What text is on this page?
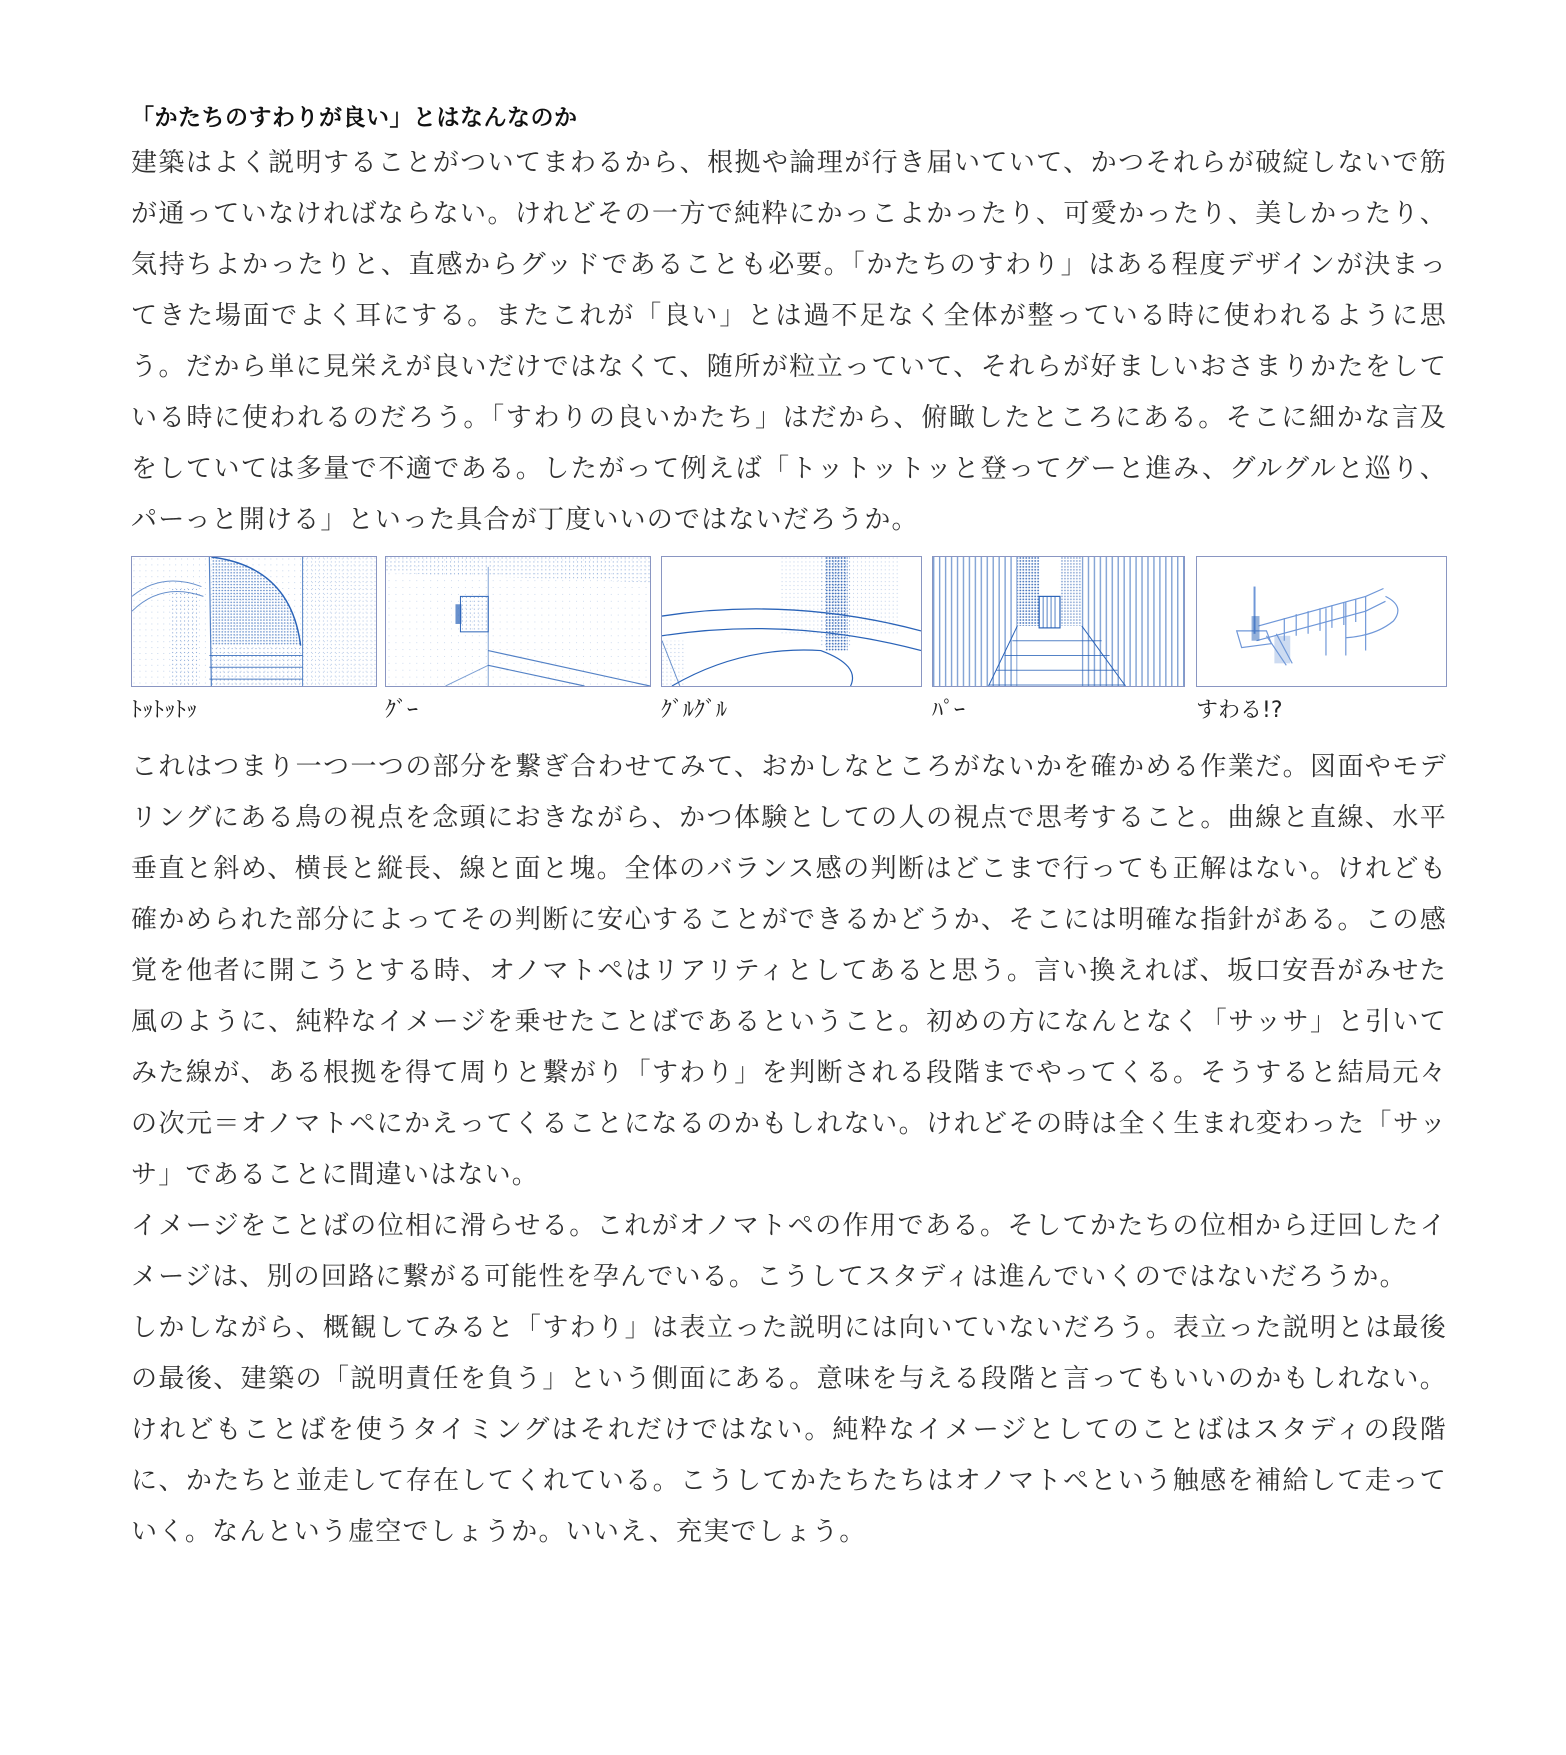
「かたちのすわりが良い」とはなんなのか

建築はよく説明することがついてまわるから、根拠や論理が行き届いていて、かつそれらが破綻しないで筋が通っていなければならない。けれどその一方で純粋にかっこよかったり、可愛かったり、美しかったり、気持ちよかったりと、直感からグッドであることも必要。「かたちのすわり」はある程度デザインが決まってきた場面でよく耳にする。またこれが「良い」とは過不足なく全体が整っている時に使われるように思う。だから単に見栄えが良いだけではなくて、随所が粒立っていて、それらが好ましいおさまりかたをしている時に使われるのだろう。「すわりの良いかたち」はだから、俯瞰したところにある。そこに細かな言及をしていては多量で不適である。したがって例えば「トットットッと登ってグーと進み、グルグルと巡り、パーっと開ける」といった具合が丁度いいのではないだろうか。

ﾄｯﾄｯﾄｯ	ｸﾞｰ	ｸﾞﾙｸﾞﾙ	ﾊﾟｰ	すわる!?

これはつまり一つ一つの部分を繋ぎ合わせてみて、おかしなところがないかを確かめる作業だ。図面やモデリングにある鳥の視点を念頭におきながら、かつ体験としての人の視点で思考すること。曲線と直線、水平垂直と斜め、横長と縦長、線と面と塊。全体のバランス感の判断はどこまで行っても正解はない。けれども確かめられた部分によってその判断に安心することができるかどうか、そこには明確な指針がある。この感覚を他者に開こうとする時、オノマトペはリアリティとしてあると思う。言い換えれば、坂口安吾がみせた風のように、純粋なイメージを乗せたことばであるということ。初めの方になんとなく「サッサ」と引いてみた線が、ある根拠を得て周りと繋がり「すわり」を判断される段階までやってくる。そうすると結局元々の次元＝オノマトペにかえってくることになるのかもしれない。けれどその時は全く生まれ変わった「サッサ」であることに間違いはない。

イメージをことばの位相に滑らせる。これがオノマトペの作用である。そしてかたちの位相から迂回したイメージは、別の回路に繋がる可能性を孕んでいる。こうしてスタディは進んでいくのではないだろうか。

しかしながら、概観してみると「すわり」は表立った説明には向いていないだろう。表立った説明とは最後の最後、建築の「説明責任を負う」という側面にある。意味を与える段階と言ってもいいのかもしれない。けれどもことばを使うタイミングはそれだけではない。純粋なイメージとしてのことばはスタディの段階に、かたちと並走して存在してくれている。こうしてかたちたちはオノマトペという触感を補給して走っていく。なんという虚空でしょうか。いいえ、充実でしょう。
